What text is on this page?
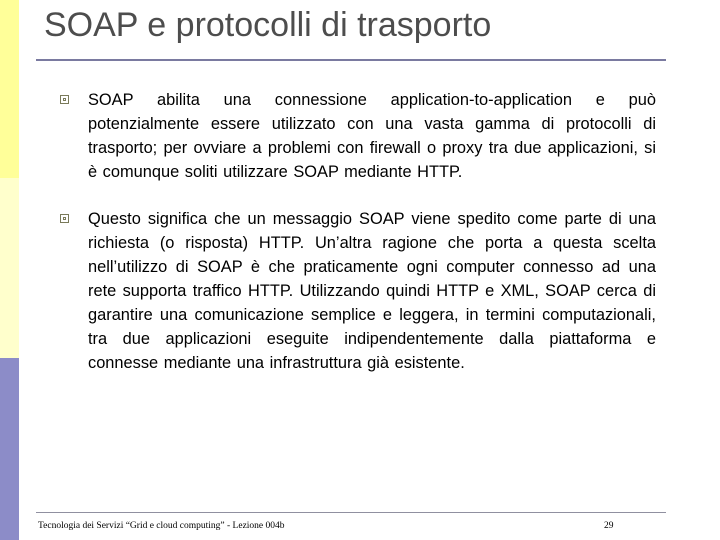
SOAP e protocolli di trasporto
SOAP abilita una connessione application-to-application e può potenzialmente essere utilizzato con una vasta gamma di protocolli di trasporto; per ovviare a problemi con firewall o proxy tra due applicazioni, si è comunque soliti utilizzare SOAP mediante HTTP.
Questo significa che un messaggio SOAP viene spedito come parte di una richiesta (o risposta) HTTP. Un’altra ragione che porta a questa scelta nell’utilizzo di SOAP è che praticamente ogni computer connesso ad una rete supporta traffico HTTP. Utilizzando quindi HTTP e XML, SOAP cerca di garantire una comunicazione semplice e leggera, in termini computazionali, tra due applicazioni eseguite indipendentemente dalla piattaforma e connesse mediante una infrastruttura già esistente.
Tecnologia dei Servizi “Grid e cloud computing” - Lezione 004b	29
